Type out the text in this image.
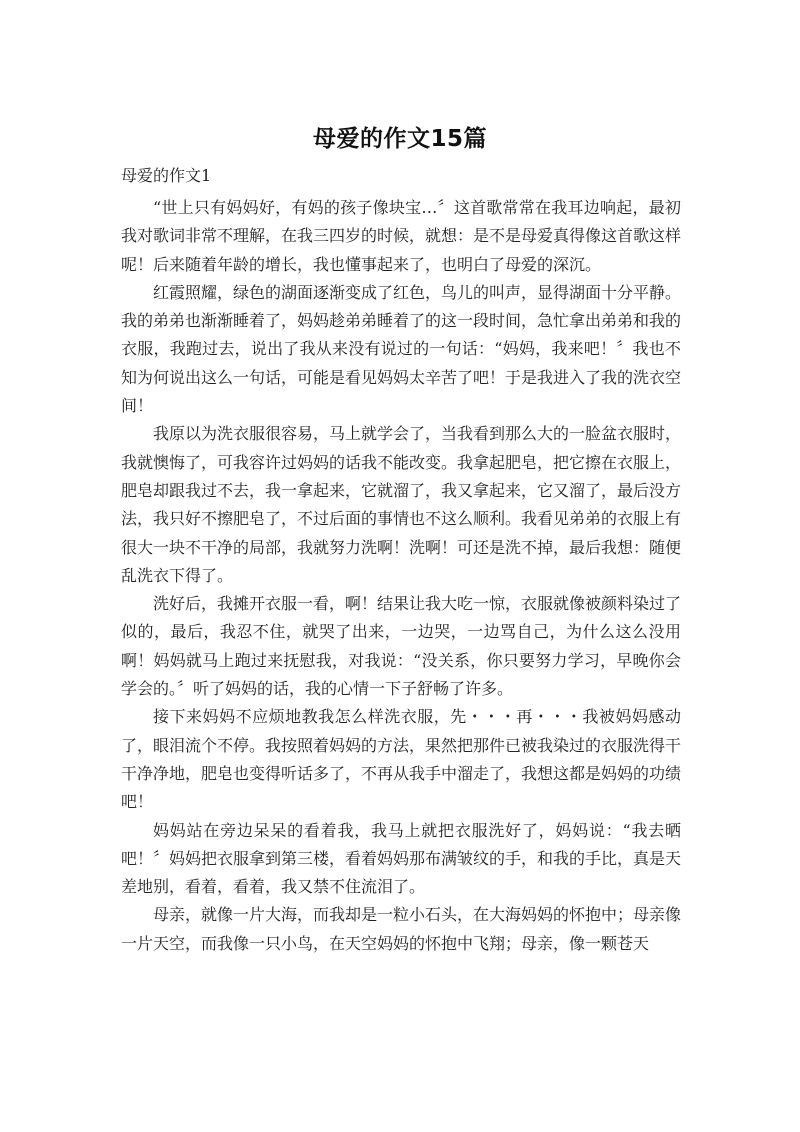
母爱的作文15篇
母爱的作文1

“世上只有妈妈好，有妈的孩子像块宝…〞这首歌常常在我耳边响起，最初我对歌词非常不理解，在我三四岁的时候，就想：是不是母爱真得像这首歌这样呢！后来随着年龄的增长，我也懂事起来了，也明白了母爱的深沉。

红霞照耀，绿色的湖面逐渐变成了红色，鸟儿的叫声，显得湖面十分平静。我的弟弟也渐渐睡着了，妈妈趁弟弟睡着了的这一段时间，急忙拿出弟弟和我的衣服，我跑过去，说出了我从来没有说过的一句话：“妈妈，我来吧！〞我也不知为何说出这么一句话，可能是看见妈妈太辛苦了吧！于是我进入了我的洗衣空间！

我原以为洗衣服很容易，马上就学会了，当我看到那么大的一脸盆衣服时，我就懊悔了，可我容许过妈妈的话我不能改变。我拿起肥皂，把它擦在衣服上，肥皂却跟我过不去，我一拿起来，它就溜了，我又拿起来，它又溜了，最后没方法，我只好不擦肥皂了，不过后面的事情也不这么顺利。我看见弟弟的衣服上有很大一块不干净的局部，我就努力洗啊！洗啊！可还是洗不掉，最后我想：随便乱洗衣下得了。

洗好后，我摊开衣服一看，啊！结果让我大吃一惊，衣服就像被颜料染过了似的，最后，我忍不住，就哭了出来，一边哭，一边骂自己，为什么这么没用啊！妈妈就马上跑过来抚慰我，对我说：“没关系，你只要努力学习，早晚你会学会的。〞听了妈妈的话，我的心情一下子舒畅了许多。

接下来妈妈不应烦地教我怎么样洗衣服，先・・・再・・・我被妈妈感动了，眼泪流个不停。我按照着妈妈的方法，果然把那件已被我染过的衣服洗得干干净净地，肥皂也变得听话多了，不再从我手中溜走了，我想这都是妈妈的功绩吧！

妈妈站在旁边呆呆的看着我，我马上就把衣服洗好了，妈妈说：“我去晒吧！〞妈妈把衣服拿到第三楼，看着妈妈那布满皱纹的手，和我的手比，真是天差地别，看着，看着，我又禁不住流泪了。

母亲，就像一片大海，而我却是一粒小石头，在大海妈妈的怀抱中；母亲像一片天空，而我像一只小鸟，在天空妈妈的怀抱中飞翔；母亲，像一颗苍天
